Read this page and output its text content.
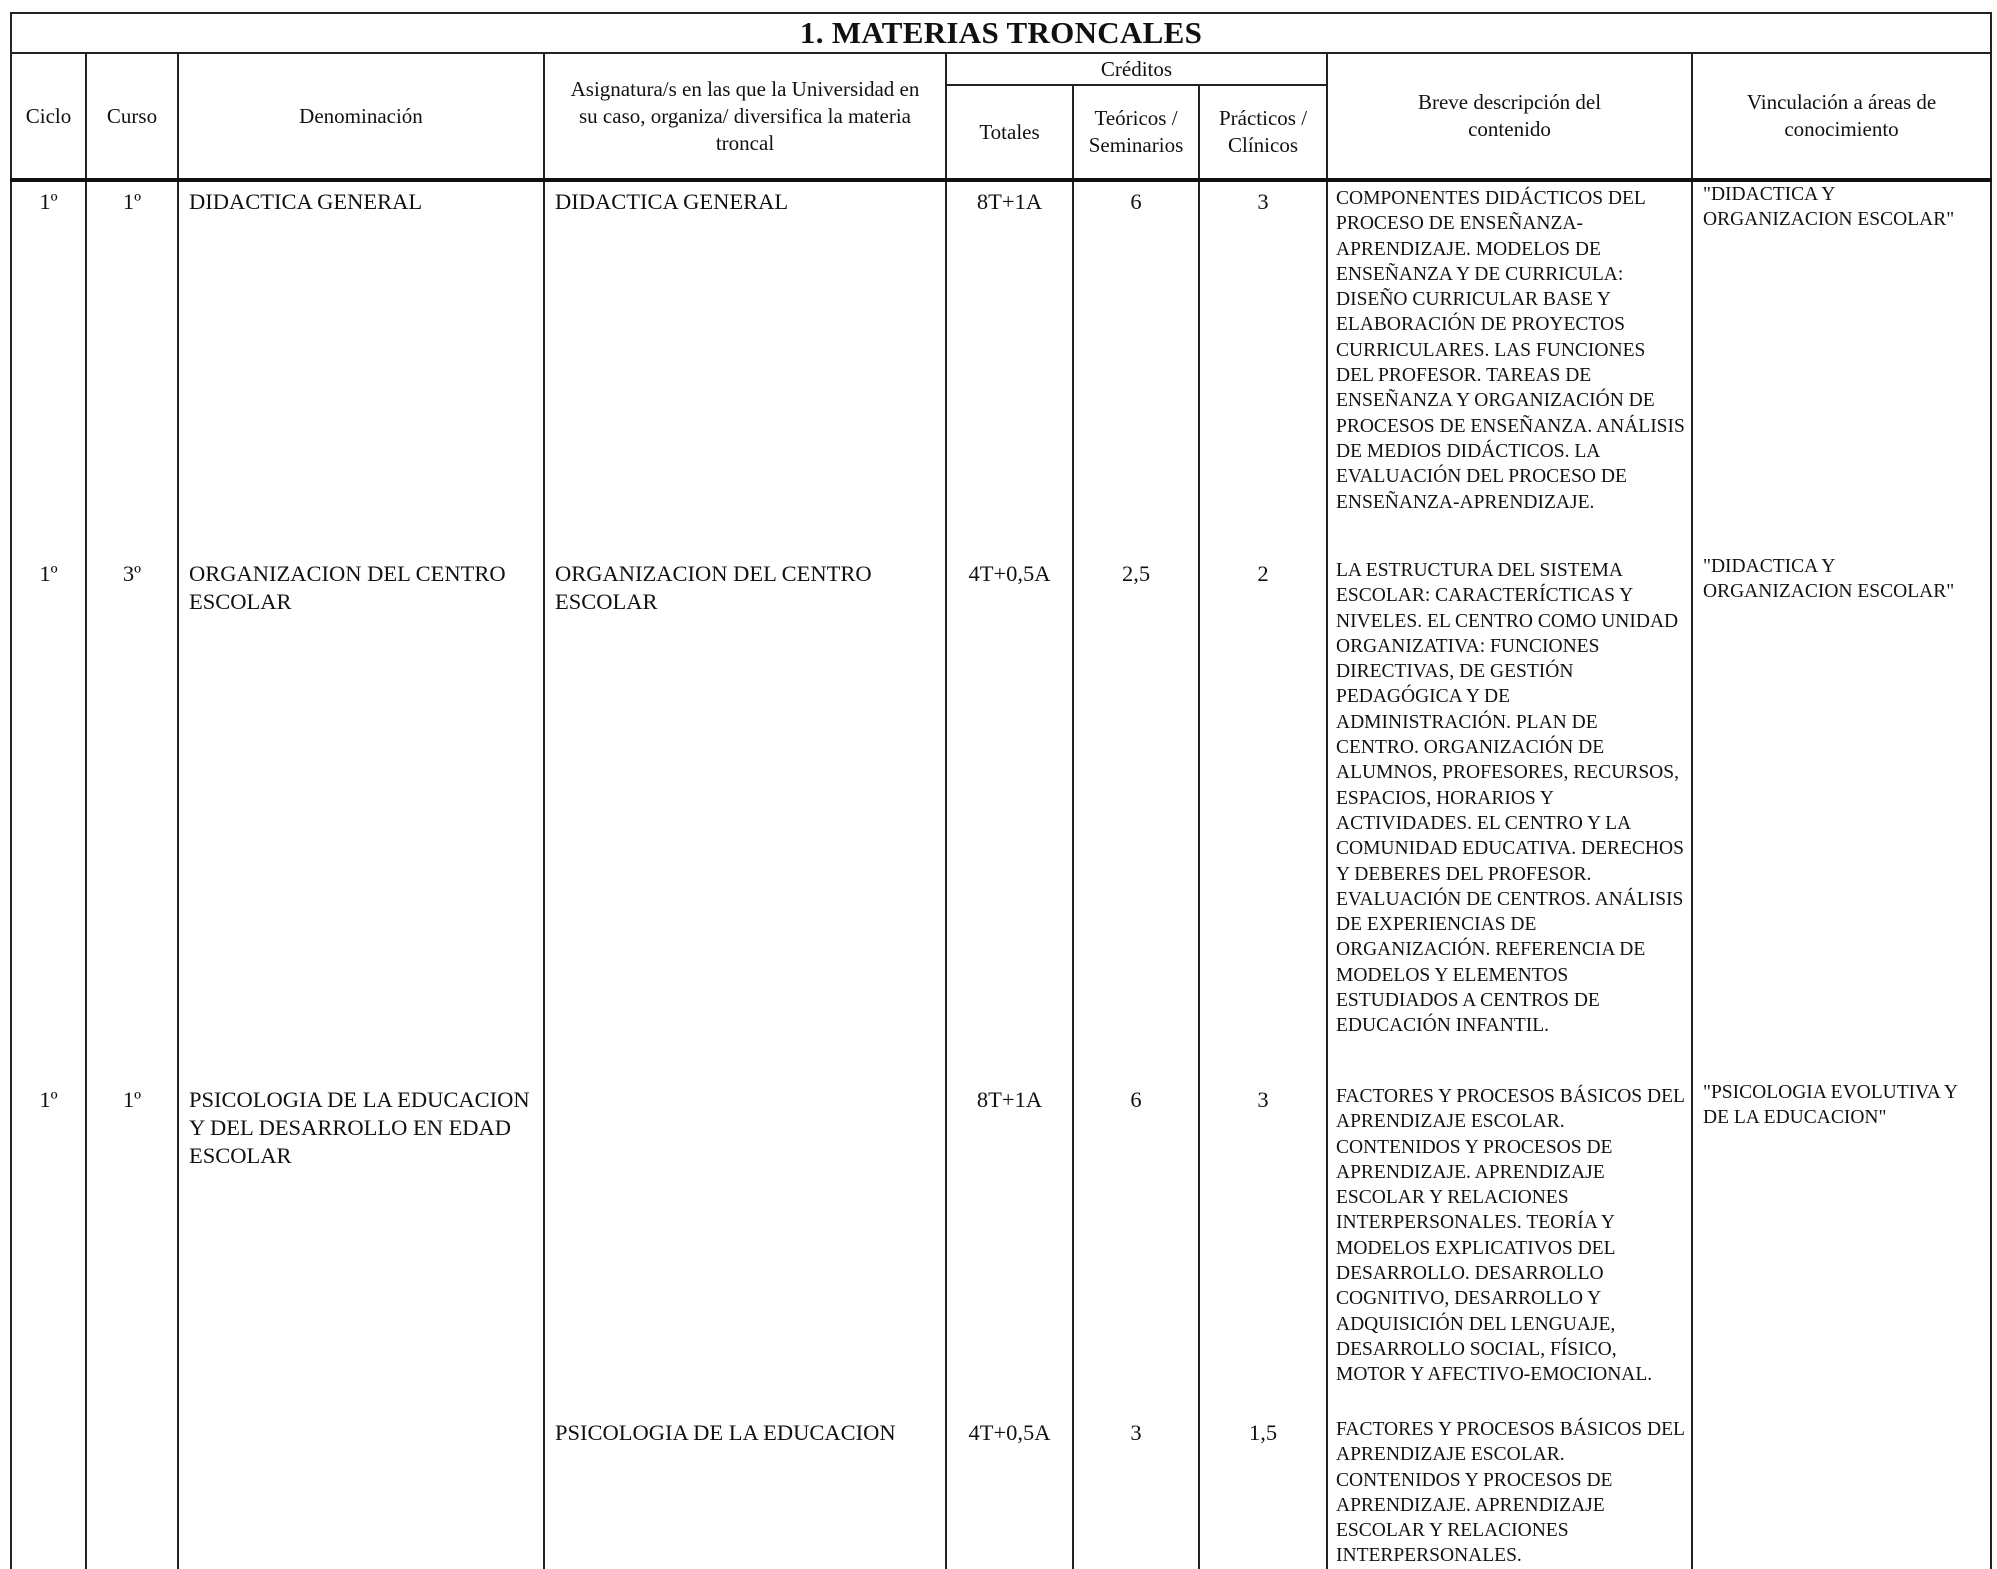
1. MATERIAS TRONCALES								
Ciclo	Curso	Denominación	Asignatura/s en las que la Universidad en su caso, organiza/ diversifica la materia troncal	Créditos			Breve descripción del contenido	Vinculación a áreas de conocimiento
				Totales	Teóricos / Seminarios	Prácticos / Clínicos		
1º	1º	DIDACTICA GENERAL	DIDACTICA GENERAL	8T+1A	6	3	COMPONENTES DIDÁCTICOS DEL PROCESO DE ENSEÑANZA-APRENDIZAJE. MODELOS DE ENSEÑANZA Y DE CURRICULA: DISEÑO CURRICULAR BASE Y ELABORACIÓN DE PROYECTOS CURRICULARES. LAS FUNCIONES DEL PROFESOR. TAREAS DE ENSEÑANZA Y ORGANIZACIÓN DE PROCESOS DE ENSEÑANZA. ANÁLISIS DE MEDIOS DIDÁCTICOS. LA EVALUACIÓN DEL PROCESO DE ENSEÑANZA-APRENDIZAJE.	"DIDACTICA Y ORGANIZACION ESCOLAR"
1º	3º	ORGANIZACION DEL CENTRO ESCOLAR	ORGANIZACION DEL CENTRO ESCOLAR	4T+0,5A	2,5	2	LA ESTRUCTURA DEL SISTEMA ESCOLAR: CARACTERÍCTICAS Y NIVELES. EL CENTRO COMO UNIDAD ORGANIZATIVA: FUNCIONES DIRECTIVAS, DE GESTIÓN PEDAGÓGICA Y DE ADMINISTRACIÓN. PLAN DE CENTRO. ORGANIZACIÓN DE ALUMNOS, PROFESORES, RECURSOS, ESPACIOS, HORARIOS Y ACTIVIDADES. EL CENTRO Y LA COMUNIDAD EDUCATIVA. DERECHOS Y DEBERES DEL PROFESOR. EVALUACIÓN DE CENTROS. ANÁLISIS DE EXPERIENCIAS DE ORGANIZACIÓN. REFERENCIA DE MODELOS Y ELEMENTOS ESTUDIADOS A CENTROS DE EDUCACIÓN INFANTIL.	"DIDACTICA Y ORGANIZACION ESCOLAR"
1º	1º	PSICOLOGIA DE LA EDUCACION Y DEL DESARROLLO EN EDAD ESCOLAR		8T+1A	6	3	FACTORES Y PROCESOS BÁSICOS DEL APRENDIZAJE ESCOLAR. CONTENIDOS Y PROCESOS DE APRENDIZAJE. APRENDIZAJE ESCOLAR Y RELACIONES INTERPERSONALES. TEORÍA Y MODELOS EXPLICATIVOS DEL DESARROLLO. DESARROLLO COGNITIVO, DESARROLLO Y ADQUISICIÓN DEL LENGUAJE, DESARROLLO SOCIAL, FÍSICO, MOTOR Y AFECTIVO-EMOCIONAL.	"PSICOLOGIA EVOLUTIVA Y DE LA EDUCACION"
			PSICOLOGIA DE LA EDUCACION	4T+0,5A	3	1,5	FACTORES Y PROCESOS BÁSICOS DEL APRENDIZAJE ESCOLAR. CONTENIDOS Y PROCESOS DE APRENDIZAJE. APRENDIZAJE ESCOLAR Y RELACIONES INTERPERSONALES.	
